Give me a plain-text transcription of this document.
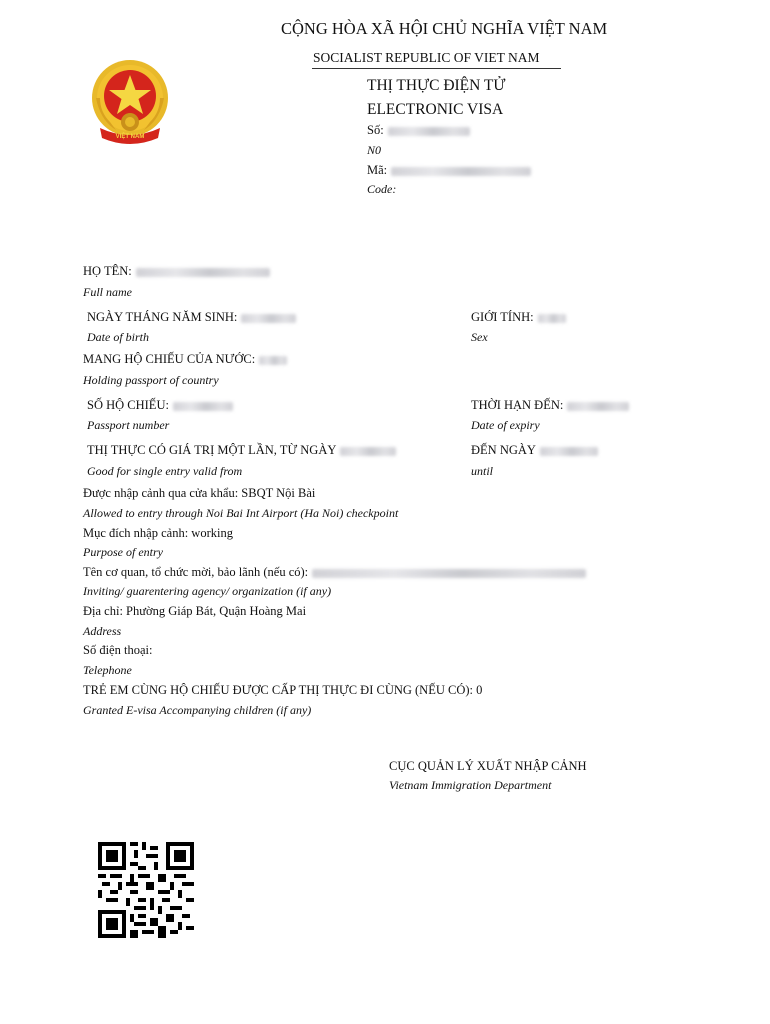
VIỆT NAM
CỘNG HÒA XÃ HỘI CHỦ NGHĨA VIỆT NAM
SOCIALIST REPUBLIC OF VIET NAM
THỊ THỰC ĐIỆN TỬ
ELECTRONIC VISA
Số:
N0
Mã:
Code:
HỌ TÊN:
Full name
NGÀY THÁNG NĂM SINH:
Date of birth
GIỚI TÍNH:
Sex
MANG HỘ CHIẾU CỦA NƯỚC:
Holding passport of country
SỐ HỘ CHIẾU:
Passport number
THỜI HẠN ĐẾN:
Date of expiry
THỊ THỰC CÓ GIÁ TRỊ MỘT LẦN, TỪ NGÀY
Good for single entry valid from
ĐẾN NGÀY
until
Được nhập cảnh qua cửa khẩu: SBQT Nội Bài
Allowed to entry through Noi Bai Int Airport (Ha Noi) checkpoint
Mục đích nhập cảnh: working
Purpose of entry
Tên cơ quan, tổ chức mời, bảo lãnh (nếu có):
Inviting/ guarentering agency/ organization (if any)
Địa chỉ: Phường Giáp Bát, Quận Hoàng Mai
Address
Số điện thoại:
Telephone
TRẺ EM CÙNG HỘ CHIẾU ĐƯỢC CẤP THỊ THỰC ĐI CÙNG (NẾU CÓ): 0
Granted E-visa Accompanying children (if any)
CỤC QUẢN LÝ XUẤT NHẬP CẢNH
Vietnam Immigration Department
